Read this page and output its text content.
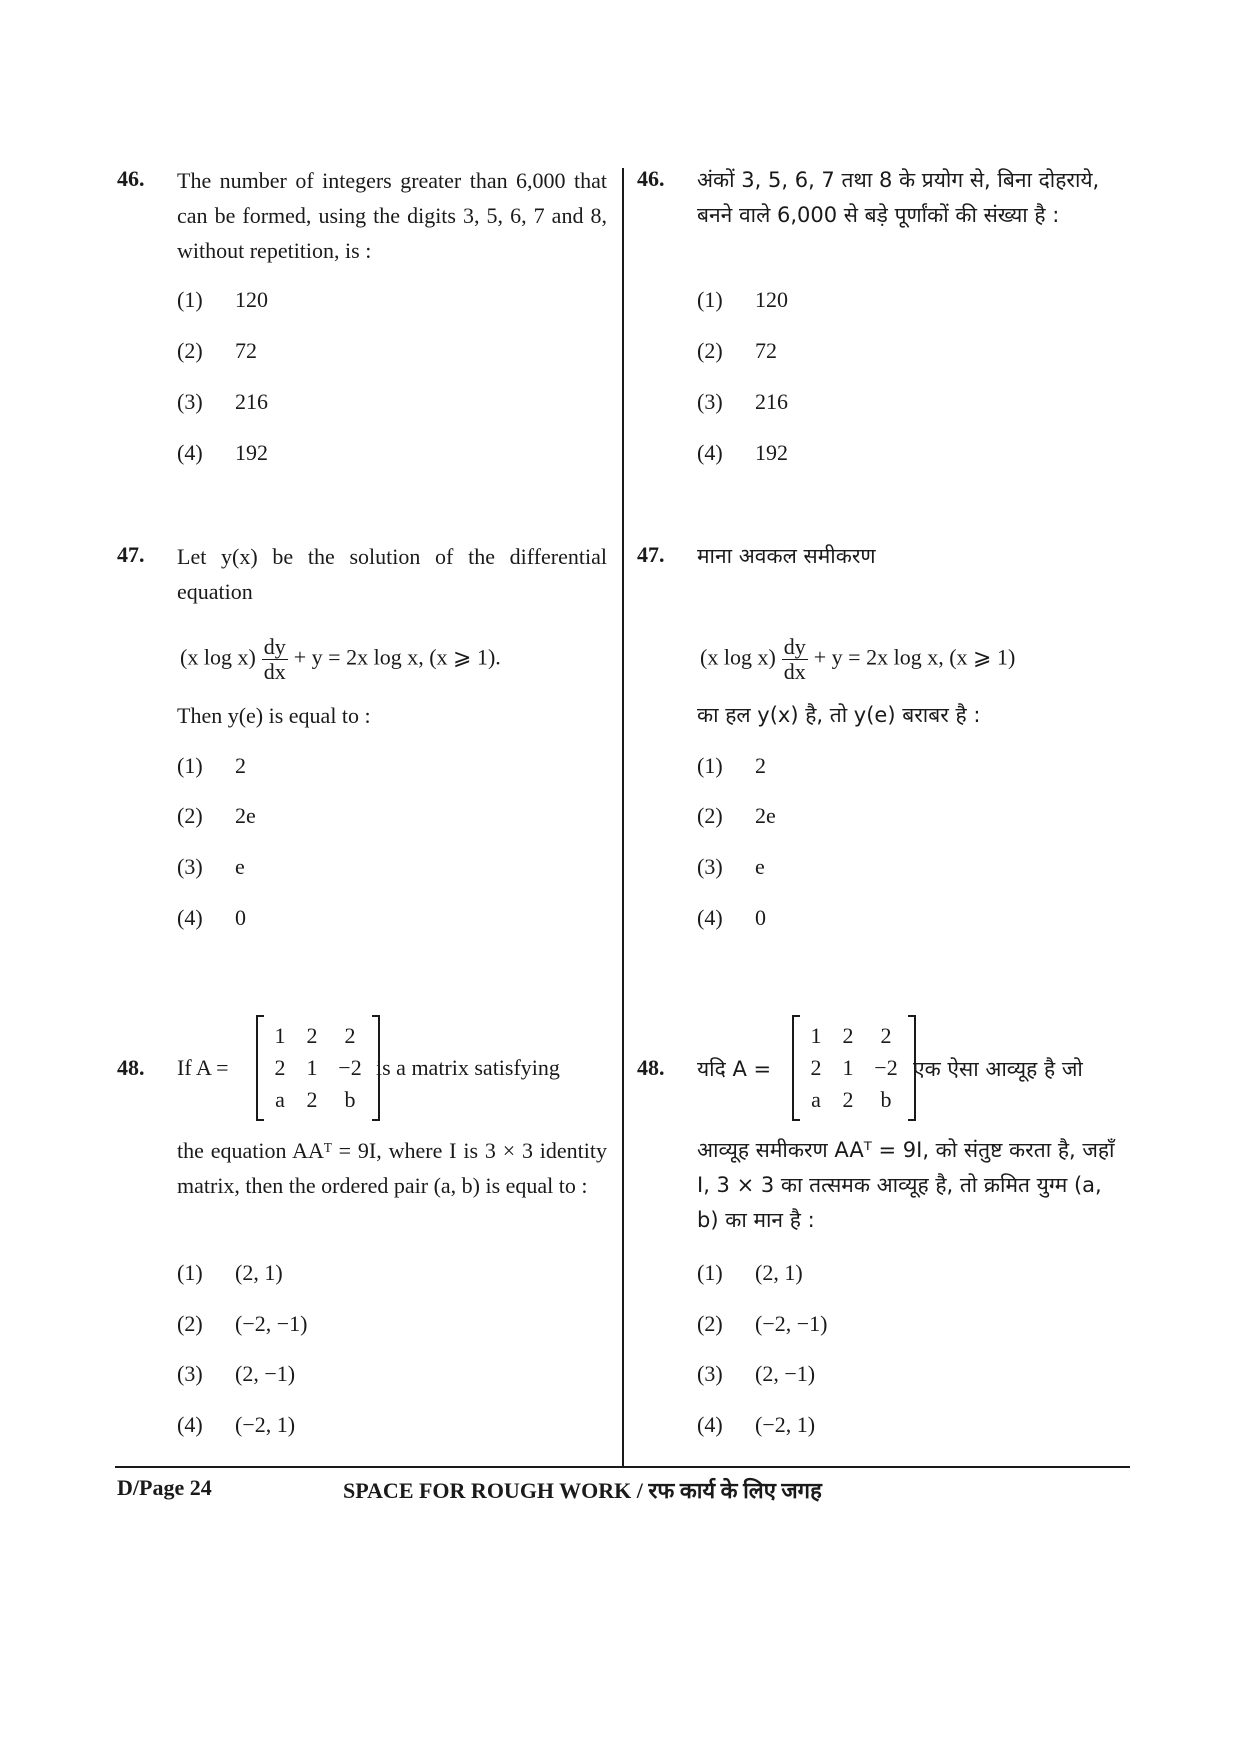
46. The number of integers greater than 6,000 that can be formed, using the digits 3, 5, 6, 7 and 8, without repetition, is :
46. अंकों 3, 5, 6, 7 तथा 8 के प्रयोग से, बिना दोहराये, बनने वाले 6,000 से बड़े पूर्णांकों की संख्या है :
(1) 120
(2) 72
(3) 216
(4) 192
(1) 120
(2) 72
(3) 216
(4) 192
47. Let y(x) be the solution of the differential equation
(x $\log x) \frac{dy}{dx} + y = 2x$ log x, (x ⩾ 1).
Then y(e) is equal to :
47. माना अवकल समीकरण
(x $\log x) \frac{dy}{dx} + y = 2x$ log x, (x ⩾ 1)
का हल y(x) है, तो y(e) बराबर है :
(1) 2
(2) 2e
(3) e
(4) 0
(1) 2
(2) 2e
(3) e
(4) 0
48. If A =
1 2	2
2 1 −2
a 2	b
is a matrix satisfying
the equation AAᵀ = 9I, where I is 3 × 3 identity matrix, then the ordered pair (a, b) is equal to :
48. यदि A =
1 2	2
2 1 −2
a 2	b
एक ऐसा आव्यूह है जो
आव्यूह समीकरण AAᵀ = 9I, को संतुष्ट करता है, जहाँ I, 3 × 3 का तत्समक आव्यूह है, तो क्रमित युग्म (a, b) का मान है :
(1) (2, 1)
(2) (−2, −1)
(3) (2, −1)
(4) (−2, 1)
(1) (2, 1)
(2) (−2, −1)
(3) (2, −1)
(4) (−2, 1)
D/Page 24	SPACE FOR ROUGH WORK / रफ कार्य के लिए जगह
